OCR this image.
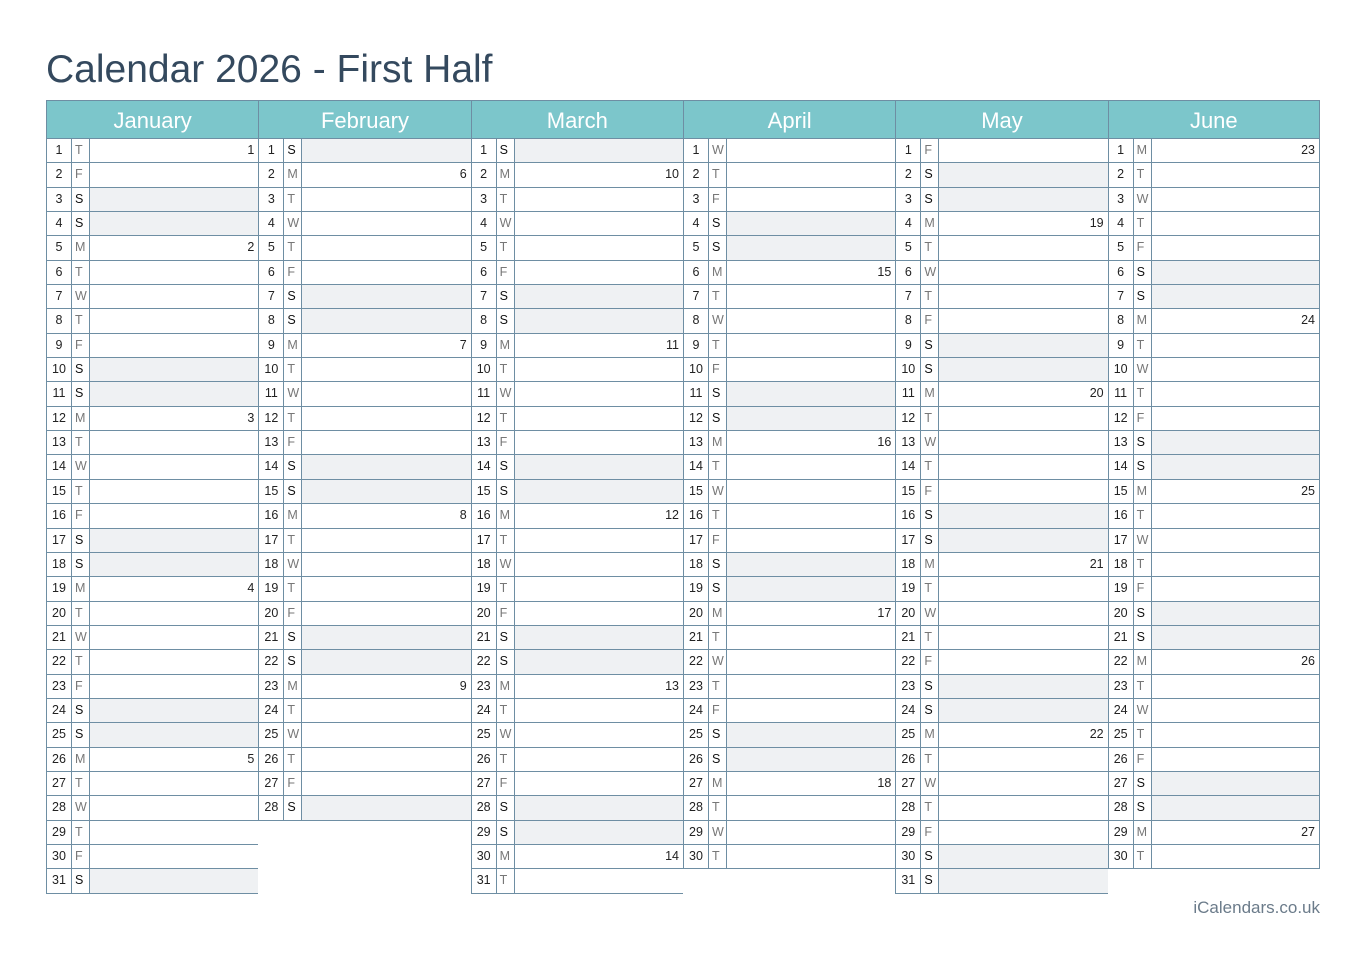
Calendar 2026 - First Half
January
1	T	1
2	F
3	S
4	S
5	M	2
6	T
7	W
8	T
9	F
10 S
11 S
12 M	3
13 T
14 W
15 T
16 F
17 S
18 S
19 M	4
20 T
21 W
22 T
23 F
24 S
25 S
26 M	5
27 T
28 W
29 T
30 F
31 S
February
1	S
2	M	6
3	T
4	W
5	T
6	F
7	S
8	S
9	M	7
10 T
11 W
12 T
13 F
14 S
15 S
16 M	8
17 T
18 W
19 T
20 F
21 S
22 S
23 M	9
24 T
25 W
26 T
27 F
28 S
March
1	S
2	M	10
3	T
4	W
5	T
6	F
7	S
8	S
9	M	11
10 T
11 W
12 T
13 F
14 S
15 S
16 M	12
17 T
18 W
19 T
20 F
21 S
22 S
23 M	13
24 T
25 W
26 T
27 F
28 S
29 S
30 M	14
31 T
April
1	W
2	T
3	F
4	S
5	S
6	M	15
7	T
8	W
9	T
10 F
11 S
12 S
13 M	16
14 T
15 W
16 T
17 F
18 S
19 S
20 M	17
21 T
22 W
23 T
24 F
25 S
26 S
27 M	18
28 T
29 W
30 T
May
1	F
2	S
3	S
4	M	19
5	T
6	W
7	T
8	F
9	S
10 S
11 M	20
12 T
13 W
14 T
15 F
16 S
17 S
18 M	21
19 T
20 W
21 T
22 F
23 S
24 S
25 M	22
26 T
27 W
28 T
29 F
30 S
31 S
June
1	M	23
2	T
3	W
4	T
5	F
6	S
7	S
8	M	24
9	T
10 W
11 T
12 F
13 S
14 S
15 M	25
16 T
17 W
18 T
19 F
20 S
21 S
22 M	26
23 T
24 W
25 T
26 F
27 S
28 S
29 M	27
30 T
iCalendars.co.uk
